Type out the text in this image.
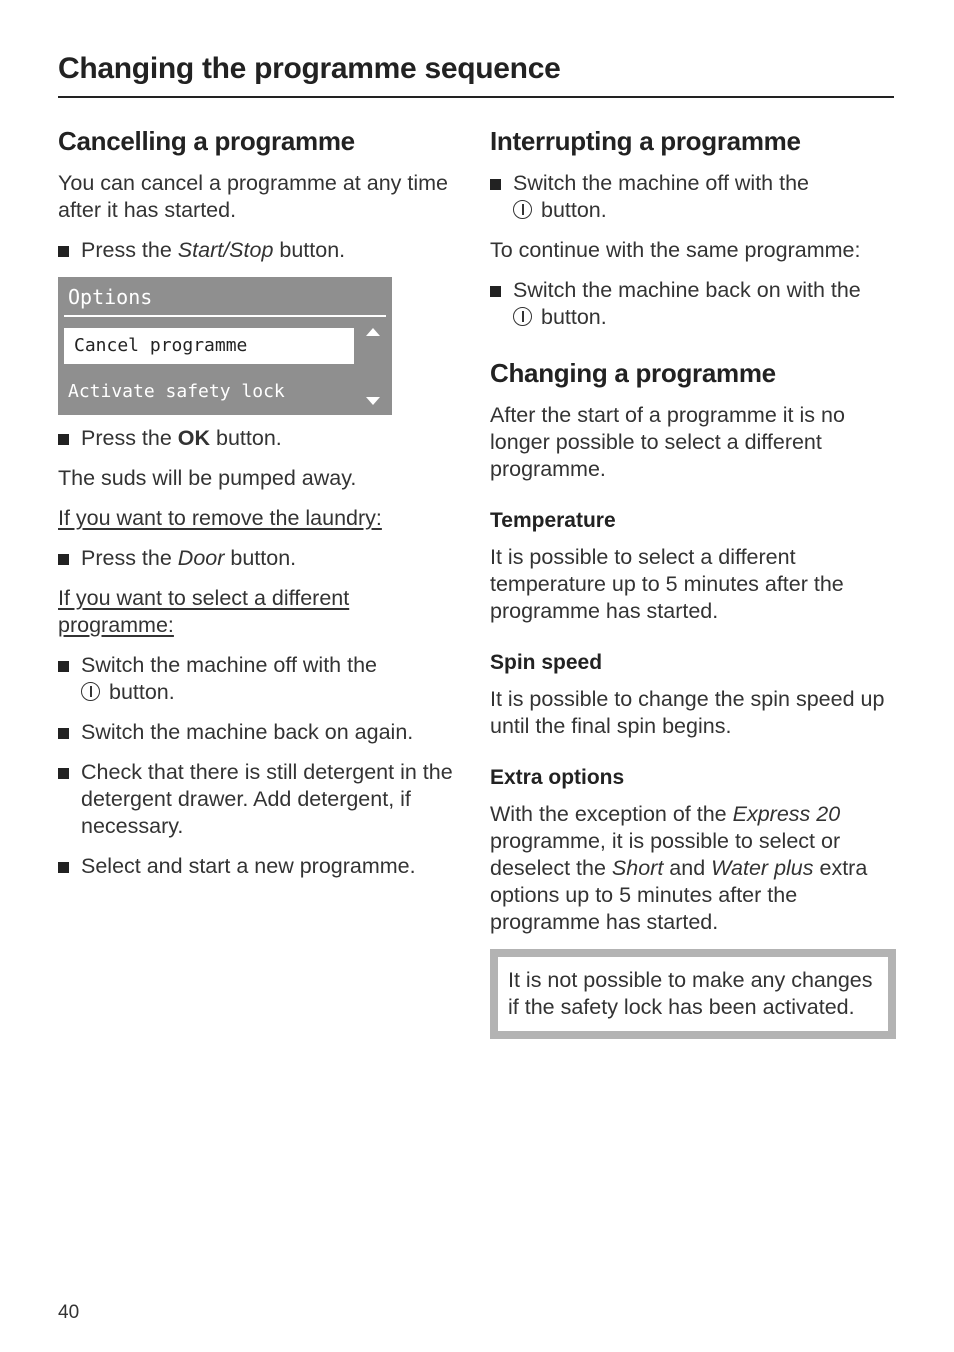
Changing the programme sequence
Cancelling a programme

You can cancel a programme at any time after it has started.

Press the Start/Stop button.
Options
Cancel programme
Activate safety lock
Press the OK button.

The suds will be pumped away.

If you want to remove the laundry:

Press the Door button.

If you want to select a different programme:

Switch the machine off with the
button.
Switch the machine back on again.
Check that there is still detergent in the detergent drawer. Add detergent, if necessary.
Select and start a new programme.
Interrupting a programme
Switch the machine off with the
button.

To continue with the same programme:

Switch the machine back on with the
button.
Changing a programme

After the start of a programme it is no longer possible to select a different programme.

Temperature

It is possible to select a different temperature up to 5 minutes after the programme has started.

Spin speed

It is possible to change the spin speed up until the final spin begins.

Extra options

With the exception of the Express 20 programme, it is possible to select or deselect the Short and Water plus extra options up to 5 minutes after the programme has started.

It is not possible to make any changes if the safety lock has been activated.

40
